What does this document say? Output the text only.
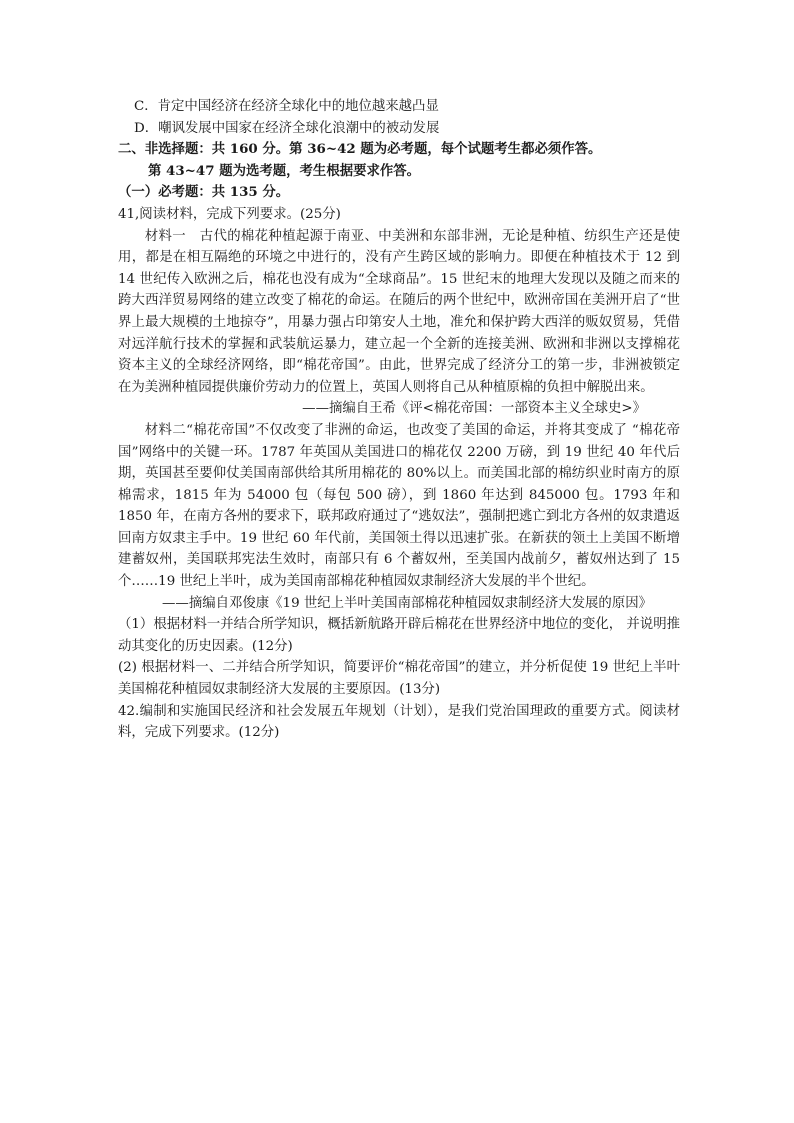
C．肯定中国经济在经济全球化中的地位越来越凸显
D．嘲讽发展中国家在经济全球化浪潮中的被动发展
二、非选择题：共 160 分。第 36~42 题为必考题，每个试题考生都必须作答。
第 43~47 题为选考题，考生根据要求作答。
（一）必考题：共 135 分。
41,阅读材料，完成下列要求。(25分)
材料一　古代的棉花种植起源于南亚、中美洲和东部非洲，无论是种植、纺织生产还是使用，都是在相互隔绝的环境之中进行的，没有产生跨区域的影响力。即便在种植技术于 12 到 14 世纪传入欧洲之后，棉花也没有成为“全球商品”。15 世纪末的地理大发现以及随之而来的跨大西洋贸易网络的建立改变了棉花的命运。在随后的两个世纪中，欧洲帝国在美洲开启了“世界上最大规模的土地掠夺”，用暴力强占印第安人土地，准允和保护跨大西洋的贩奴贸易，凭借对远洋航行技术的掌握和武装航运暴力，建立起一个全新的连接美洲、欧洲和非洲以支撑棉花资本主义的全球经济网络，即“棉花帝国”。由此，世界完成了经济分工的第一步，非洲被锁定在为美洲种植园提供廉价劳动力的位置上，英国人则将自己从种植原棉的负担中解脱出来。
——摘编自王希《评<棉花帝国：一部资本主义全球史>》
材料二“棉花帝国”不仅改变了非洲的命运，也改变了美国的命运，并将其变成了 “棉花帝国”网络中的关键一环。1787 年英国从美国进口的棉花仅 2200 万磅，到 19 世纪 40 年代后期，英国甚至要仰仗美国南部供给其所用棉花的 80%以上。而美国北部的棉纺织业时南方的原棉需求，1815 年为 54000 包（每包 500 磅），到 1860 年达到 845000 包。1793 年和 1850 年，在南方各州的要求下，联邦政府通过了“逃奴法”，强制把逃亡到北方各州的奴隶遣返回南方奴隶主手中。19 世纪 60 年代前，美国领土得以迅速扩张。在新获的领土上美国不断增建蓄奴州，美国联邦宪法生效时，南部只有 6 个蓄奴州，至美国内战前夕，蓄奴州达到了 15 个……19 世纪上半叶，成为美国南部棉花种植园奴隶制经济大发展的半个世纪。
——摘编自邓俊康《19 世纪上半叶美国南部棉花种植园奴隶制经济大发展的原因》
（1）根据材料一并结合所学知识，概括新航路开辟后棉花在世界经济中地位的变化， 并说明推动其变化的历史因素。(12分)
(2) 根据材料一、二并结合所学知识，简要评价“棉花帝国”的建立，并分析促使 19 世纪上半叶美国棉花种植园奴隶制经济大发展的主要原因。(13分)
42.编制和实施国民经济和社会发展五年规划（计划），是我们党治国理政的重要方式。阅读材料，完成下列要求。(12分)
